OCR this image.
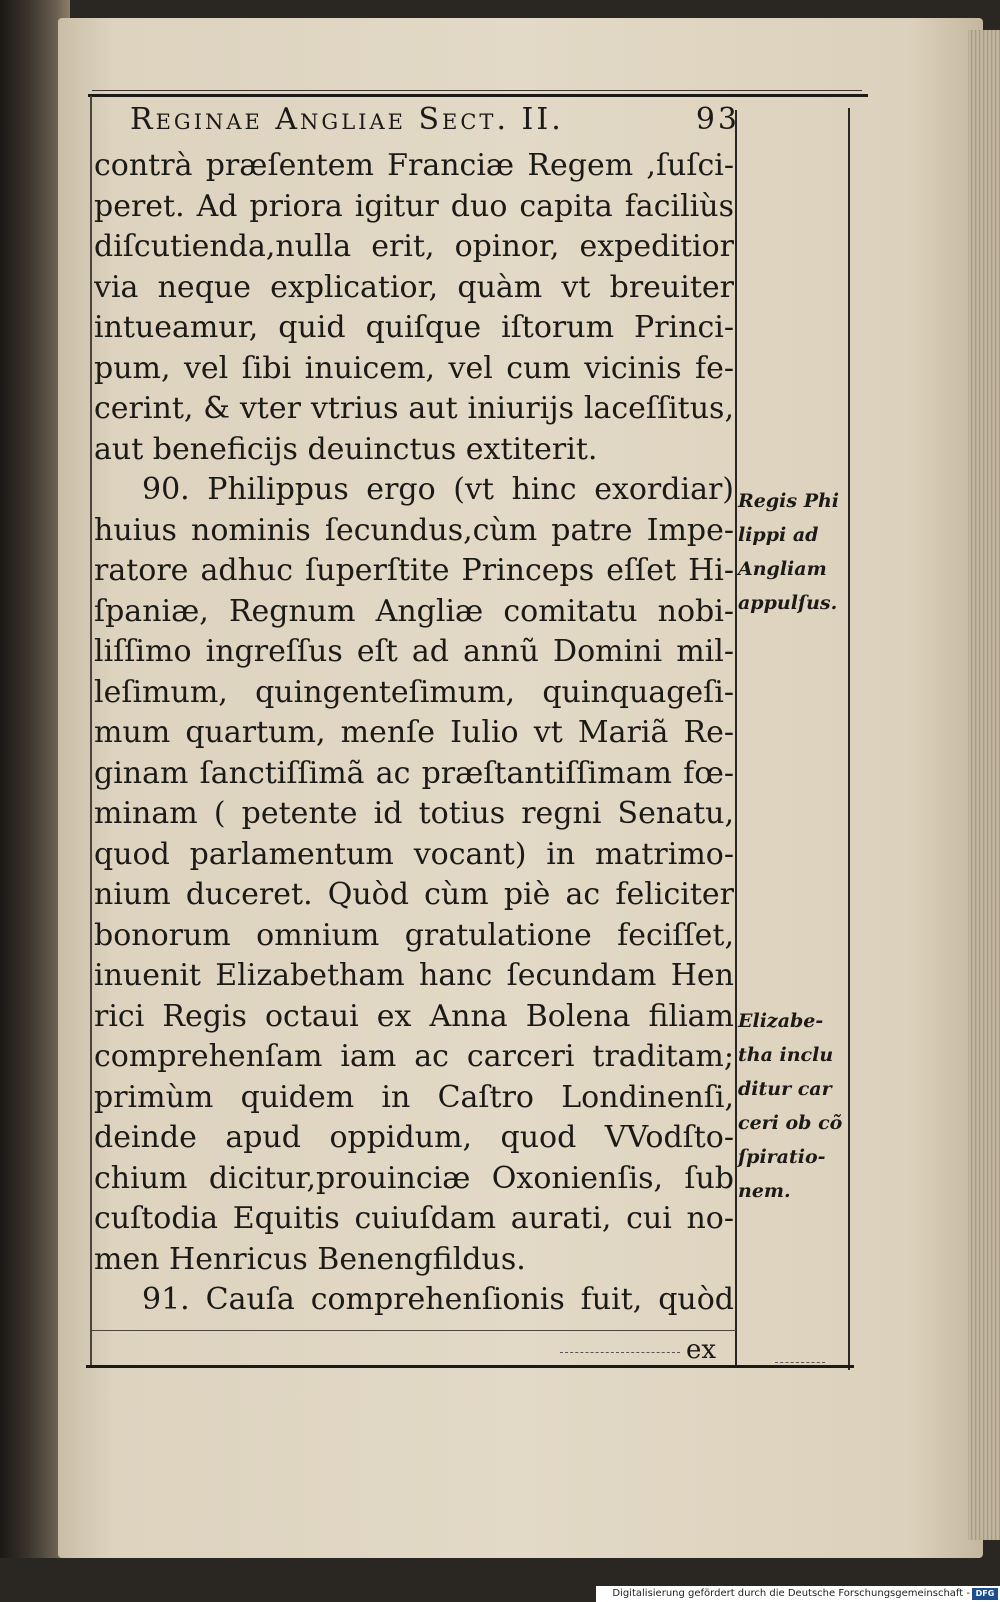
Reginae Angliae Sect. II.	93
contrà præſentem Franciæ Regem ,ſuſci-
peret. Ad priora igitur duo capita faciliùs
diſcutienda,nulla erit, opinor, expeditior
via neque explicatior, quàm vt breuiter
intueamur, quid quiſque iſtorum Princi-
pum, vel ſibi inuicem, vel cum vicinis fe-
cerint, & vter vtrius aut iniurijs laceſſitus,
aut beneficijs deuinctus extiterit.
90. Philippus ergo (vt hinc exordiar)
huius nominis ſecundus,cùm patre Impe-
ratore adhuc ſuperſtite Princeps eſſet Hi-
ſpaniæ, Regnum Angliæ comitatu nobi-
liſſimo ingreſſus eſt ad annũ Domini mil-
leſimum, quingenteſimum, quinquageſi-
mum quartum, menſe Iulio vt Mariã Re-
ginam ſanctiſſimã ac præſtantiſſimam fœ-
minam ( petente id totius regni Senatu,
quod parlamentum vocant) in matrimo-
nium duceret. Quòd cùm piè ac feliciter
bonorum omnium gratulatione feciſſet,
inuenit Elizabetham hanc ſecundam Hen
rici Regis octaui ex Anna Bolena filiam
comprehenſam iam ac carceri traditam;
primùm quidem in Caſtro Londinenſi,
deinde apud oppidum, quod VVodſto-
chium dicitur,prouinciæ Oxonienſis, ſub
cuſtodia Equitis cuiuſdam aurati, cui no-
men Henricus Benengfildus.
91. Cauſa comprehenſionis fuit, quòd
Regis Phi
lippi ad
Angliam
appulſus.
Elizabe-
tha inclu
ditur car
ceri ob cõ
ſpiratio-
nem.
ex
Digitalisierung gefördert durch die Deutsche Forschungsgemeinschaft - DFG
